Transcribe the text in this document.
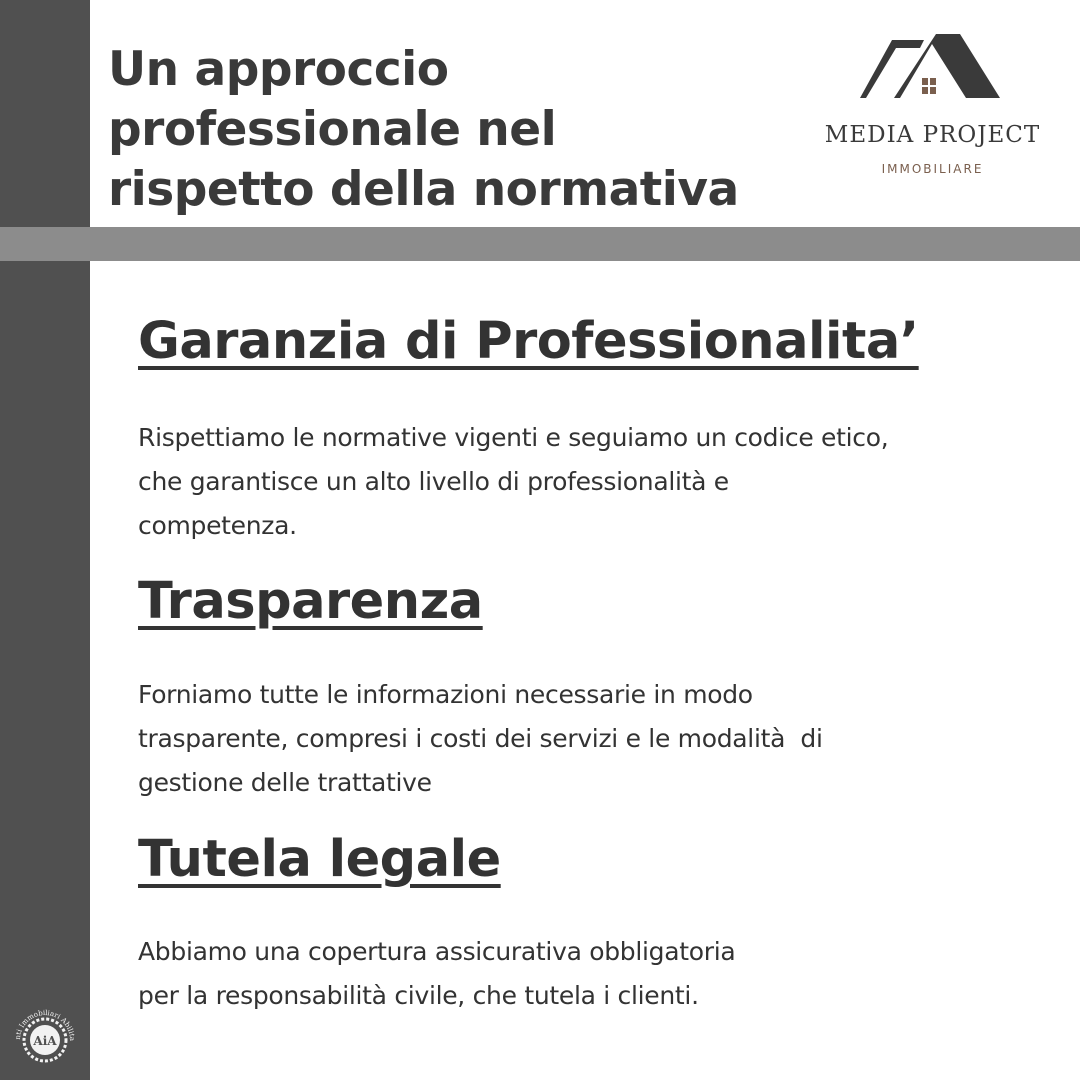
Un approccio
professionale nel
rispetto della normativa
MEDIA PROJECT
IMMOBILIARE
Garanzia di Professionalita’
Rispettiamo le normative vigenti e seguiamo un codice etico,
che garantisce un alto livello di professionalità e
competenza.
Trasparenza
Forniamo tutte le informazioni necessarie in modo
trasparente, compresi i costi dei servizi e le modalità  di
gestione delle trattative
Tutela legale
Abbiamo una copertura assicurativa obbligatoria
per la responsabilità civile, che tutela i clienti.
AiA
nti Immobiliari Abilita
